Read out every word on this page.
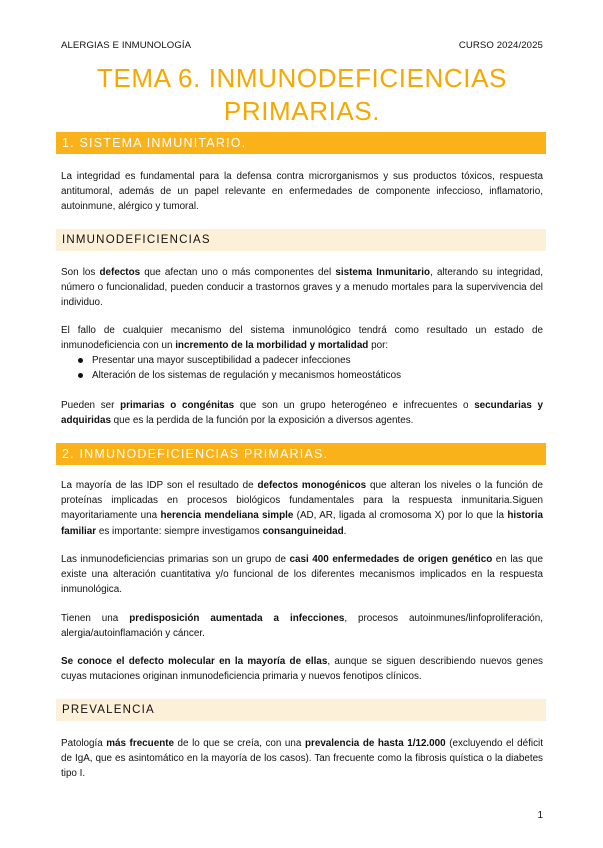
ALERGIAS E INMUNOLOGÍA	CURSO 2024/2025
TEMA 6. INMUNODEFICIENCIAS
PRIMARIAS.
1. SISTEMA INMUNITARIO.
La integridad es fundamental para la defensa contra microrganismos y sus productos tóxicos, respuesta antitumoral, además de un papel relevante en enfermedades de componente infeccioso, inflamatorio, autoinmune, alérgico y tumoral.
INMUNODEFICIENCIAS
Son los defectos que afectan uno o más componentes del sistema Inmunitario, alterando su integridad, número o funcionalidad, pueden conducir a trastornos graves y a menudo mortales para la supervivencia del individuo.
El fallo de cualquier mecanismo del sistema inmunológico tendrá como resultado un estado de inmunodeficiencia con un incremento de la morbilidad y mortalidad por:
Presentar una mayor susceptibilidad a padecer infecciones
Alteración de los sistemas de regulación y mecanismos homeostáticos
Pueden ser primarias o congénitas que son un grupo heterogéneo e infrecuentes o secundarias y adquiridas que es la perdida de la función por la exposición a diversos agentes.
2. INMUNODEFICIENCIAS PRIMARIAS.
La mayoría de las IDP son el resultado de defectos monogénicos que alteran los niveles o la función de proteínas implicadas en procesos biológicos fundamentales para la respuesta inmunitaria.Siguen mayoritariamente una herencia mendeliana simple (AD, AR, ligada al cromosoma X) por lo que la historia familiar es importante: siempre investigamos consanguineidad.
Las inmunodeficiencias primarias son un grupo de casi 400 enfermedades de origen genético en las que existe una alteración cuantitativa y/o funcional de los diferentes mecanismos implicados en la respuesta inmunológica.
Tienen una predisposición aumentada a infecciones, procesos autoinmunes/linfoproliferación, alergia/autoinflamación y cáncer.
Se conoce el defecto molecular en la mayoría de ellas, aunque se siguen describiendo nuevos genes cuyas mutaciones originan inmunodeficiencia primaria y nuevos fenotipos clínicos.
PREVALENCIA
Patología más frecuente de lo que se creía, con una prevalencia de hasta 1/12.000 (excluyendo el déficit de IgA, que es asintomático en la mayoría de los casos). Tan frecuente como la fibrosis quística o la diabetes tipo I.
1
